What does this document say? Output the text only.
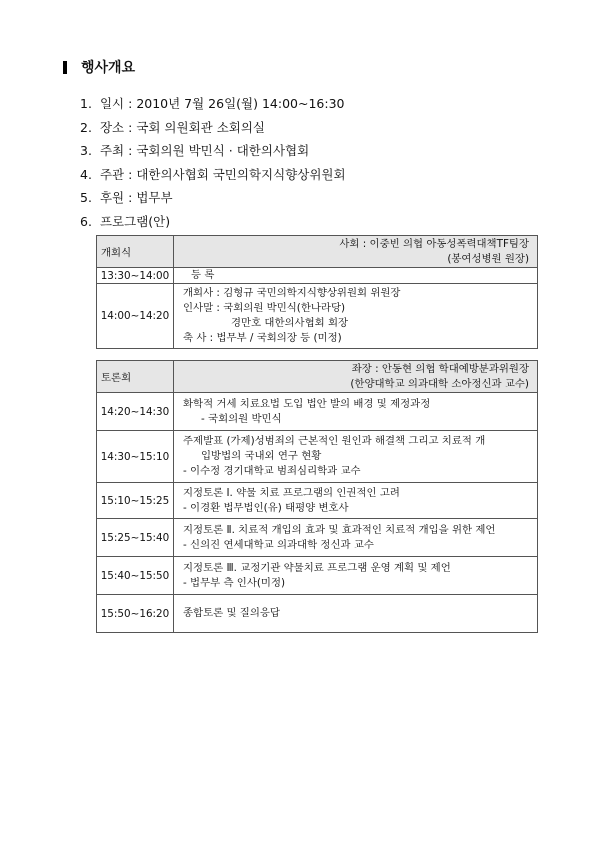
행사개요
1. 일시 : 2010년 7월 26일(월) 14:00~16:30
2. 장소 : 국회 의원회관 소회의실
3. 주최 : 국회의원 박민식 · 대한의사협회
4. 주관 : 대한의사협회 국민의학지식향상위원회
5. 후원 : 법무부
6. 프로그램(안)
개회식	사회 : 이중빈 의협 아동성폭력대책TF팀장
(봉여성병원 원장)

13:30~14:00	등 록
14:00~14:20	개회사 : 김형규 국민의학지식향상위원회 위원장
인사말 : 국회의원 박민식(한나라당)
경만호 대한의사협회 회장
축 사 : 법무부 / 국회의장 등 (미정)
토론회	좌장 : 안동현 의협 학대예방분과위원장
(한양대학교 의과대학 소아정신과 교수)

14:20~14:30	화학적 거세 치료요법 도입 법안 발의 배경 및 제정과정
- 국회의원 박민식

14:30~15:10	주제발표 (가제)성범죄의 근본적인 원인과 해결책 그리고 치료적 개
입방법의 국내외 연구 현황
- 이수정 경기대학교 범죄심리학과 교수

15:10~15:25	지정토론 Ⅰ. 약물 치료 프로그램의 인권적인 고려
- 이경환 법무법인(유) 태평양 변호사

15:25~15:40	지정토론 Ⅱ. 치료적 개입의 효과 및 효과적인 치료적 개입을 위한 제언
- 신의진 연세대학교 의과대학 정신과 교수

15:40~15:50	지정토론 Ⅲ. 교정기관 약물치료 프로그램 운영 계획 및 제언
- 법무부 측 인사(미정)

15:50~16:20	종합토론 및 질의응답
